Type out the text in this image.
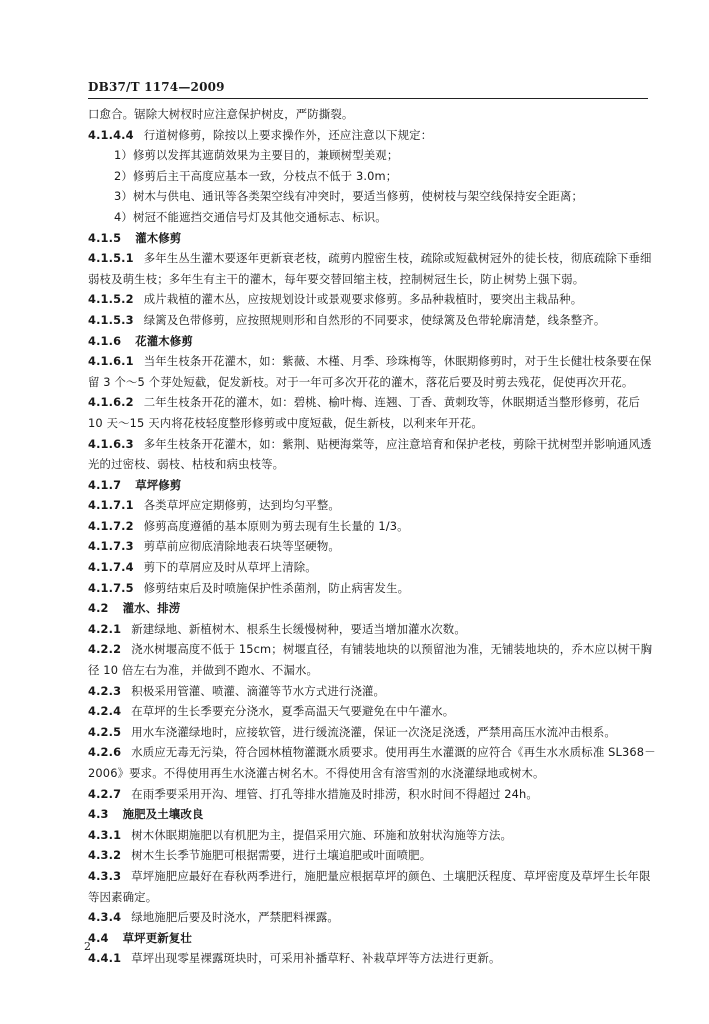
DB37/T 1174—2009

口愈合。锯除大树杈时应注意保护树皮，严防撕裂。

4.1.4.4 行道树修剪，除按以上要求操作外，还应注意以下规定：

1）修剪以发挥其遮荫效果为主要目的，兼顾树型美观；

2）修剪后主干高度应基本一致，分枝点不低于 3.0m；

3）树木与供电、通讯等各类架空线有冲突时，要适当修剪，使树枝与架空线保持安全距离；

4）树冠不能遮挡交通信号灯及其他交通标志、标识。

4.1.5 灌木修剪

4.1.5.1 多年生丛生灌木要逐年更新衰老枝，疏剪内膛密生枝，疏除或短截树冠外的徒长枝，彻底疏除下垂细弱枝及萌生枝；多年生有主干的灌木，每年要交替回缩主枝，控制树冠生长，防止树势上强下弱。

4.1.5.2 成片栽植的灌木丛，应按规划设计或景观要求修剪。多品种栽植时，要突出主栽品种。

4.1.5.3 绿篱及色带修剪，应按照规则形和自然形的不同要求，使绿篱及色带轮廓清楚，线条整齐。

4.1.6 花灌木修剪

4.1.6.1 当年生枝条开花灌木，如：紫薇、木槿、月季、珍珠梅等，休眠期修剪时，对于生长健壮枝条要在保留 3 个～5 个芽处短截，促发新枝。对于一年可多次开花的灌木，落花后要及时剪去残花，促使再次开花。

4.1.6.2 二年生枝条开花的灌木，如：碧桃、榆叶梅、连翘、丁香、黄刺玫等，休眠期适当整形修剪，花后 10 天～15 天内将花枝轻度整形修剪或中度短截，促生新枝，以利来年开花。

4.1.6.3 多年生枝条开花灌木，如：紫荆、贴梗海棠等，应注意培育和保护老枝，剪除干扰树型并影响通风透光的过密枝、弱枝、枯枝和病虫枝等。

4.1.7 草坪修剪

4.1.7.1 各类草坪应定期修剪，达到均匀平整。

4.1.7.2 修剪高度遵循的基本原则为剪去现有生长量的 1/3。

4.1.7.3 剪草前应彻底清除地表石块等坚硬物。

4.1.7.4 剪下的草屑应及时从草坪上清除。

4.1.7.5 修剪结束后及时喷施保护性杀菌剂，防止病害发生。

4.2 灌水、排涝

4.2.1 新建绿地、新植树木、根系生长缓慢树种，要适当增加灌水次数。

4.2.2 浇水树堰高度不低于 15cm；树堰直径，有铺装地块的以预留池为准，无铺装地块的，乔木应以树干胸径 10 倍左右为准，并做到不跑水、不漏水。

4.2.3 积极采用管灌、喷灌、滴灌等节水方式进行浇灌。

4.2.4 在草坪的生长季要充分浇水，夏季高温天气要避免在中午灌水。

4.2.5 用水车浇灌绿地时，应接软管，进行缓流浇灌，保证一次浇足浇透，严禁用高压水流冲击根系。

4.2.6 水质应无毒无污染，符合园林植物灌溉水质要求。使用再生水灌溉的应符合《再生水水质标准 SL368－2006》要求。不得使用再生水浇灌古树名木。不得使用含有溶雪剂的水浇灌绿地或树木。

4.2.7 在雨季要采用开沟、埋管、打孔等排水措施及时排涝，积水时间不得超过 24h。

4.3 施肥及土壤改良

4.3.1 树木休眠期施肥以有机肥为主，提倡采用穴施、环施和放射状沟施等方法。

4.3.2 树木生长季节施肥可根据需要，进行土壤追肥或叶面喷肥。

4.3.3 草坪施肥应最好在春秋两季进行，施肥量应根据草坪的颜色、土壤肥沃程度、草坪密度及草坪生长年限等因素确定。

4.3.4 绿地施肥后要及时浇水，严禁肥料裸露。

4.4 草坪更新复壮

4.4.1 草坪出现零星裸露斑块时，可采用补播草籽、补栽草坪等方法进行更新。

2
